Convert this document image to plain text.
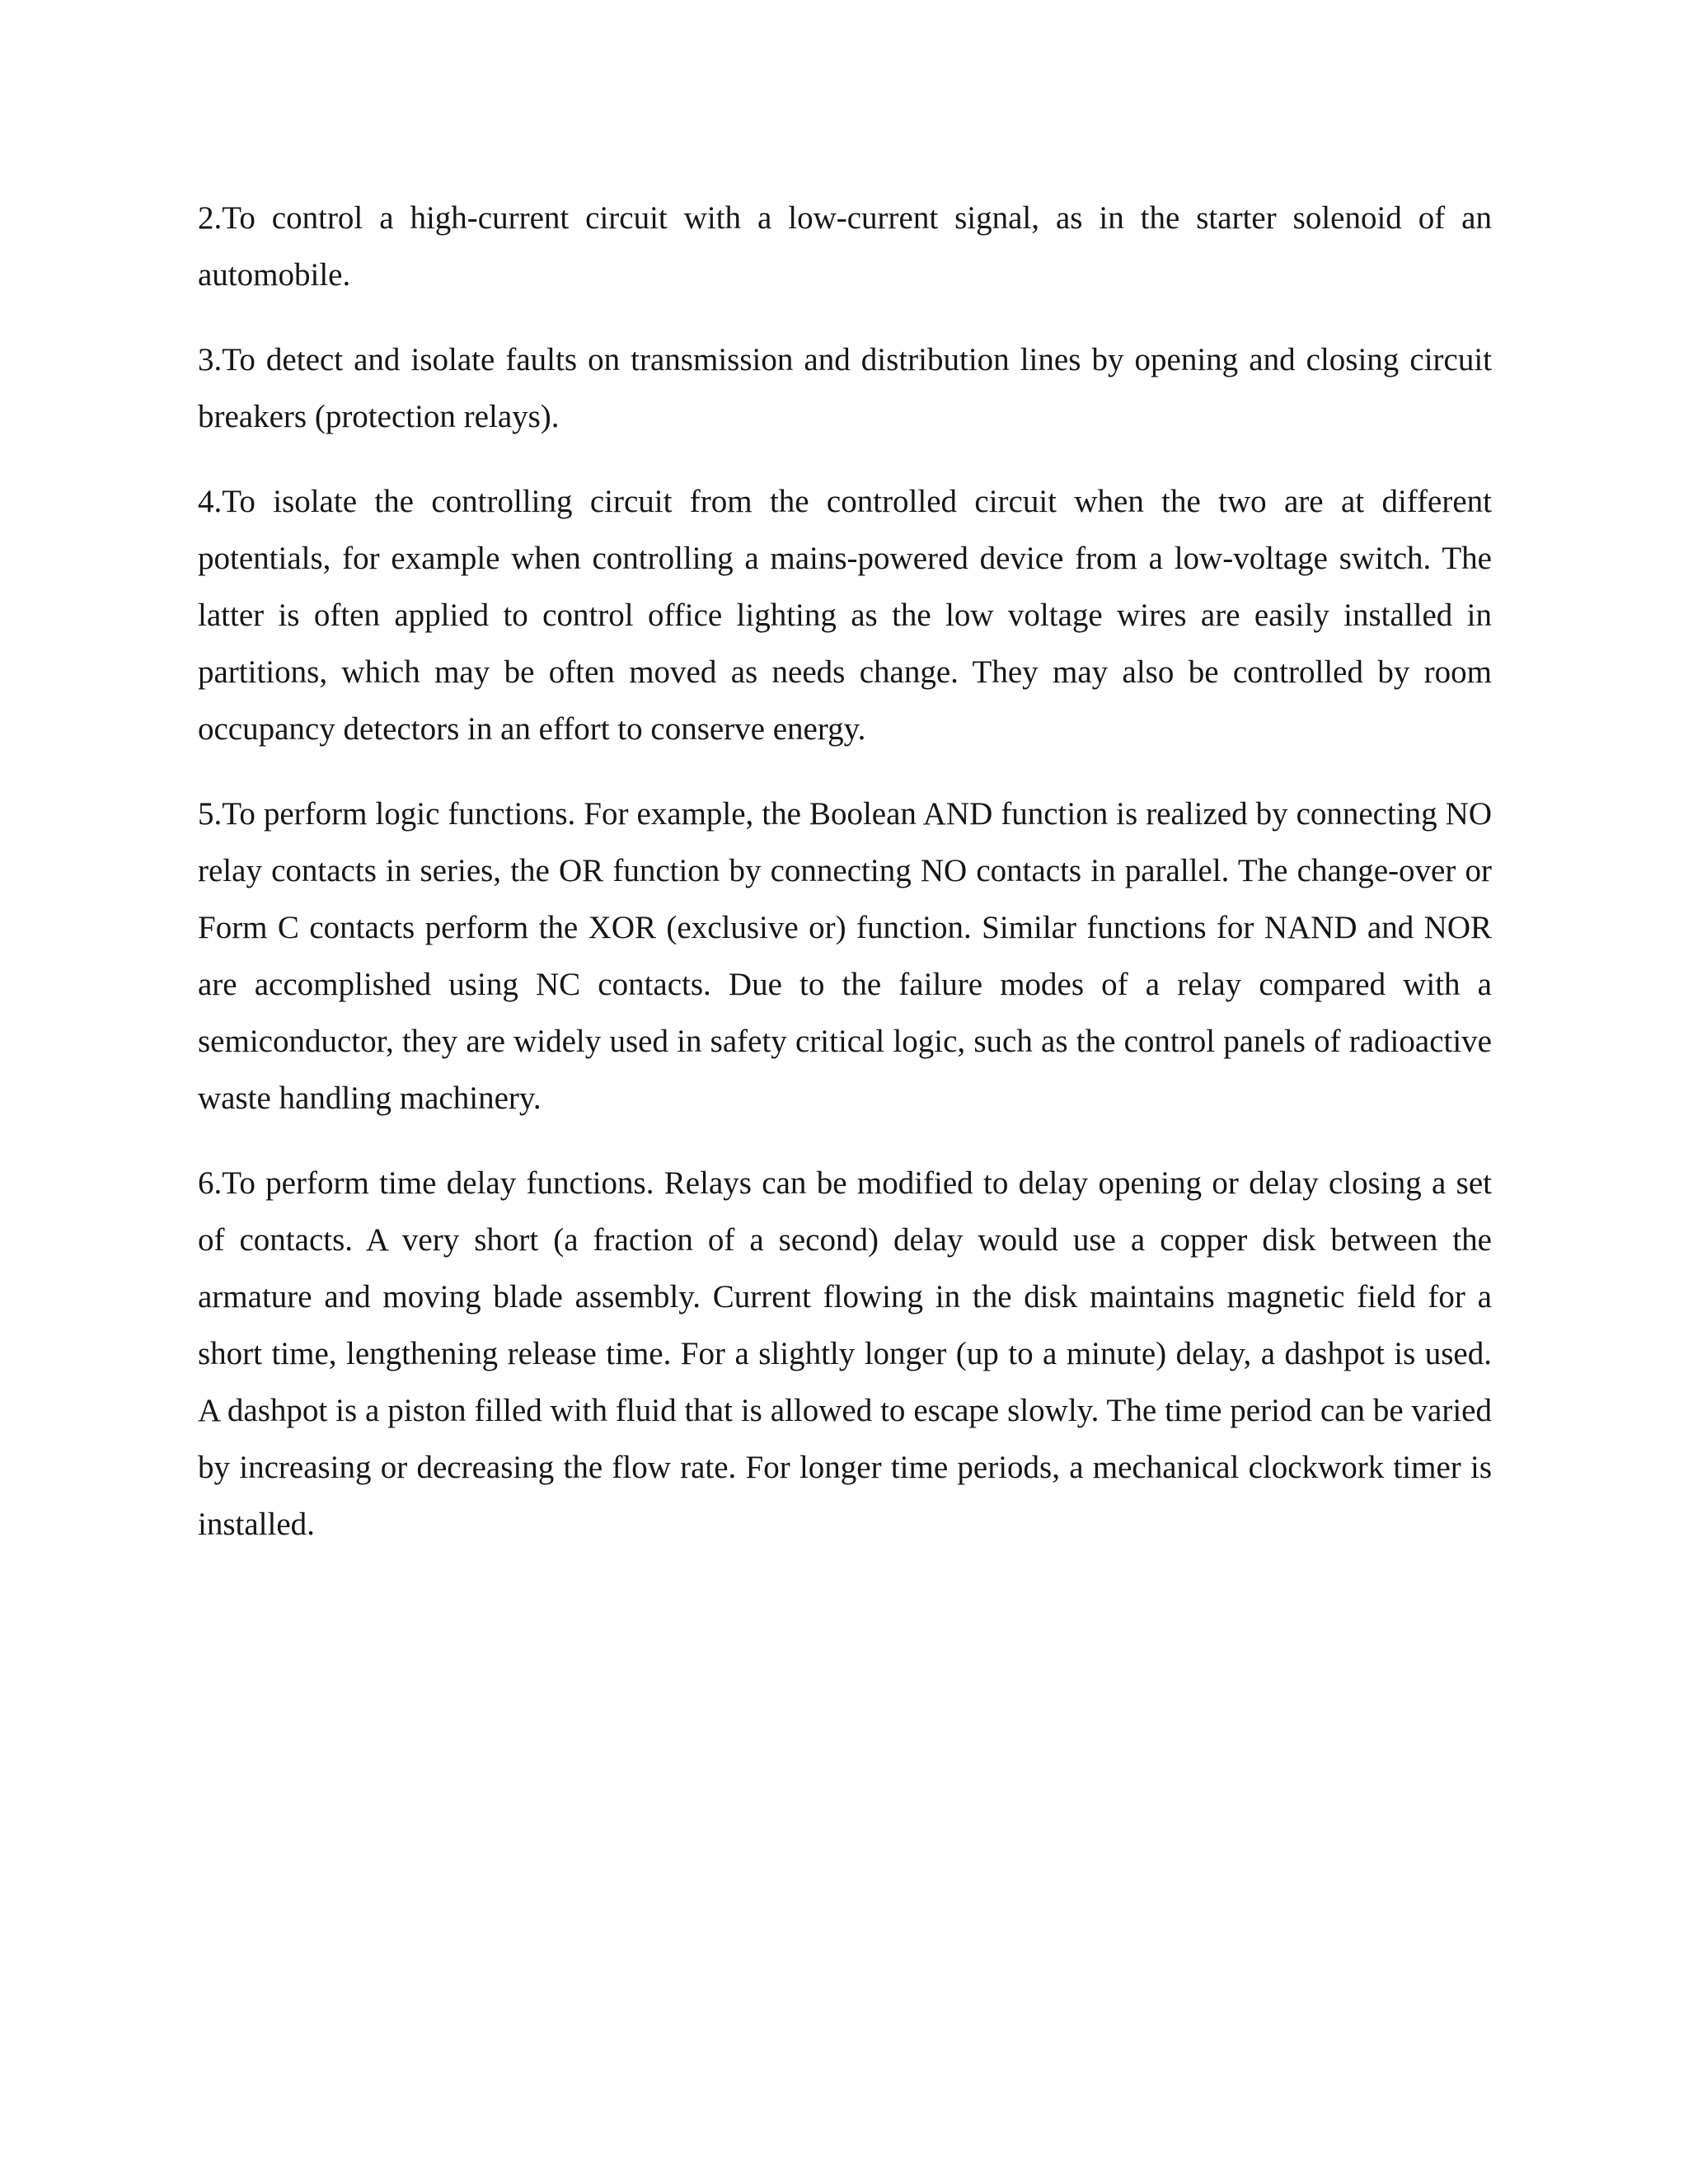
2.To control a high-current circuit with a low-current signal, as in the starter solenoid of an automobile.

3.To detect and isolate faults on transmission and distribution lines by opening and closing circuit breakers (protection relays).

4.To isolate the controlling circuit from the controlled circuit when the two are at different potentials, for example when controlling a mains-powered device from a low-voltage switch. The latter is often applied to control office lighting as the low voltage wires are easily installed in partitions, which may be often moved as needs change. They may also be controlled by room occupancy detectors in an effort to conserve energy.

5.To perform logic functions. For example, the Boolean AND function is realized by connecting NO relay contacts in series, the OR function by connecting NO contacts in parallel. The change-over or Form C contacts perform the XOR (exclusive or) function. Similar functions for NAND and NOR are accomplished using NC contacts. Due to the failure modes of a relay compared with a semiconductor, they are widely used in safety critical logic, such as the control panels of radioactive waste handling machinery.

6.To perform time delay functions. Relays can be modified to delay opening or delay closing a set of contacts. A very short (a fraction of a second) delay would use a copper disk between the armature and moving blade assembly. Current flowing in the disk maintains magnetic field for a short time, lengthening release time. For a slightly longer (up to a minute) delay, a dashpot is used. A dashpot is a piston filled with fluid that is allowed to escape slowly. The time period can be varied by increasing or decreasing the flow rate. For longer time periods, a mechanical clockwork timer is installed.
